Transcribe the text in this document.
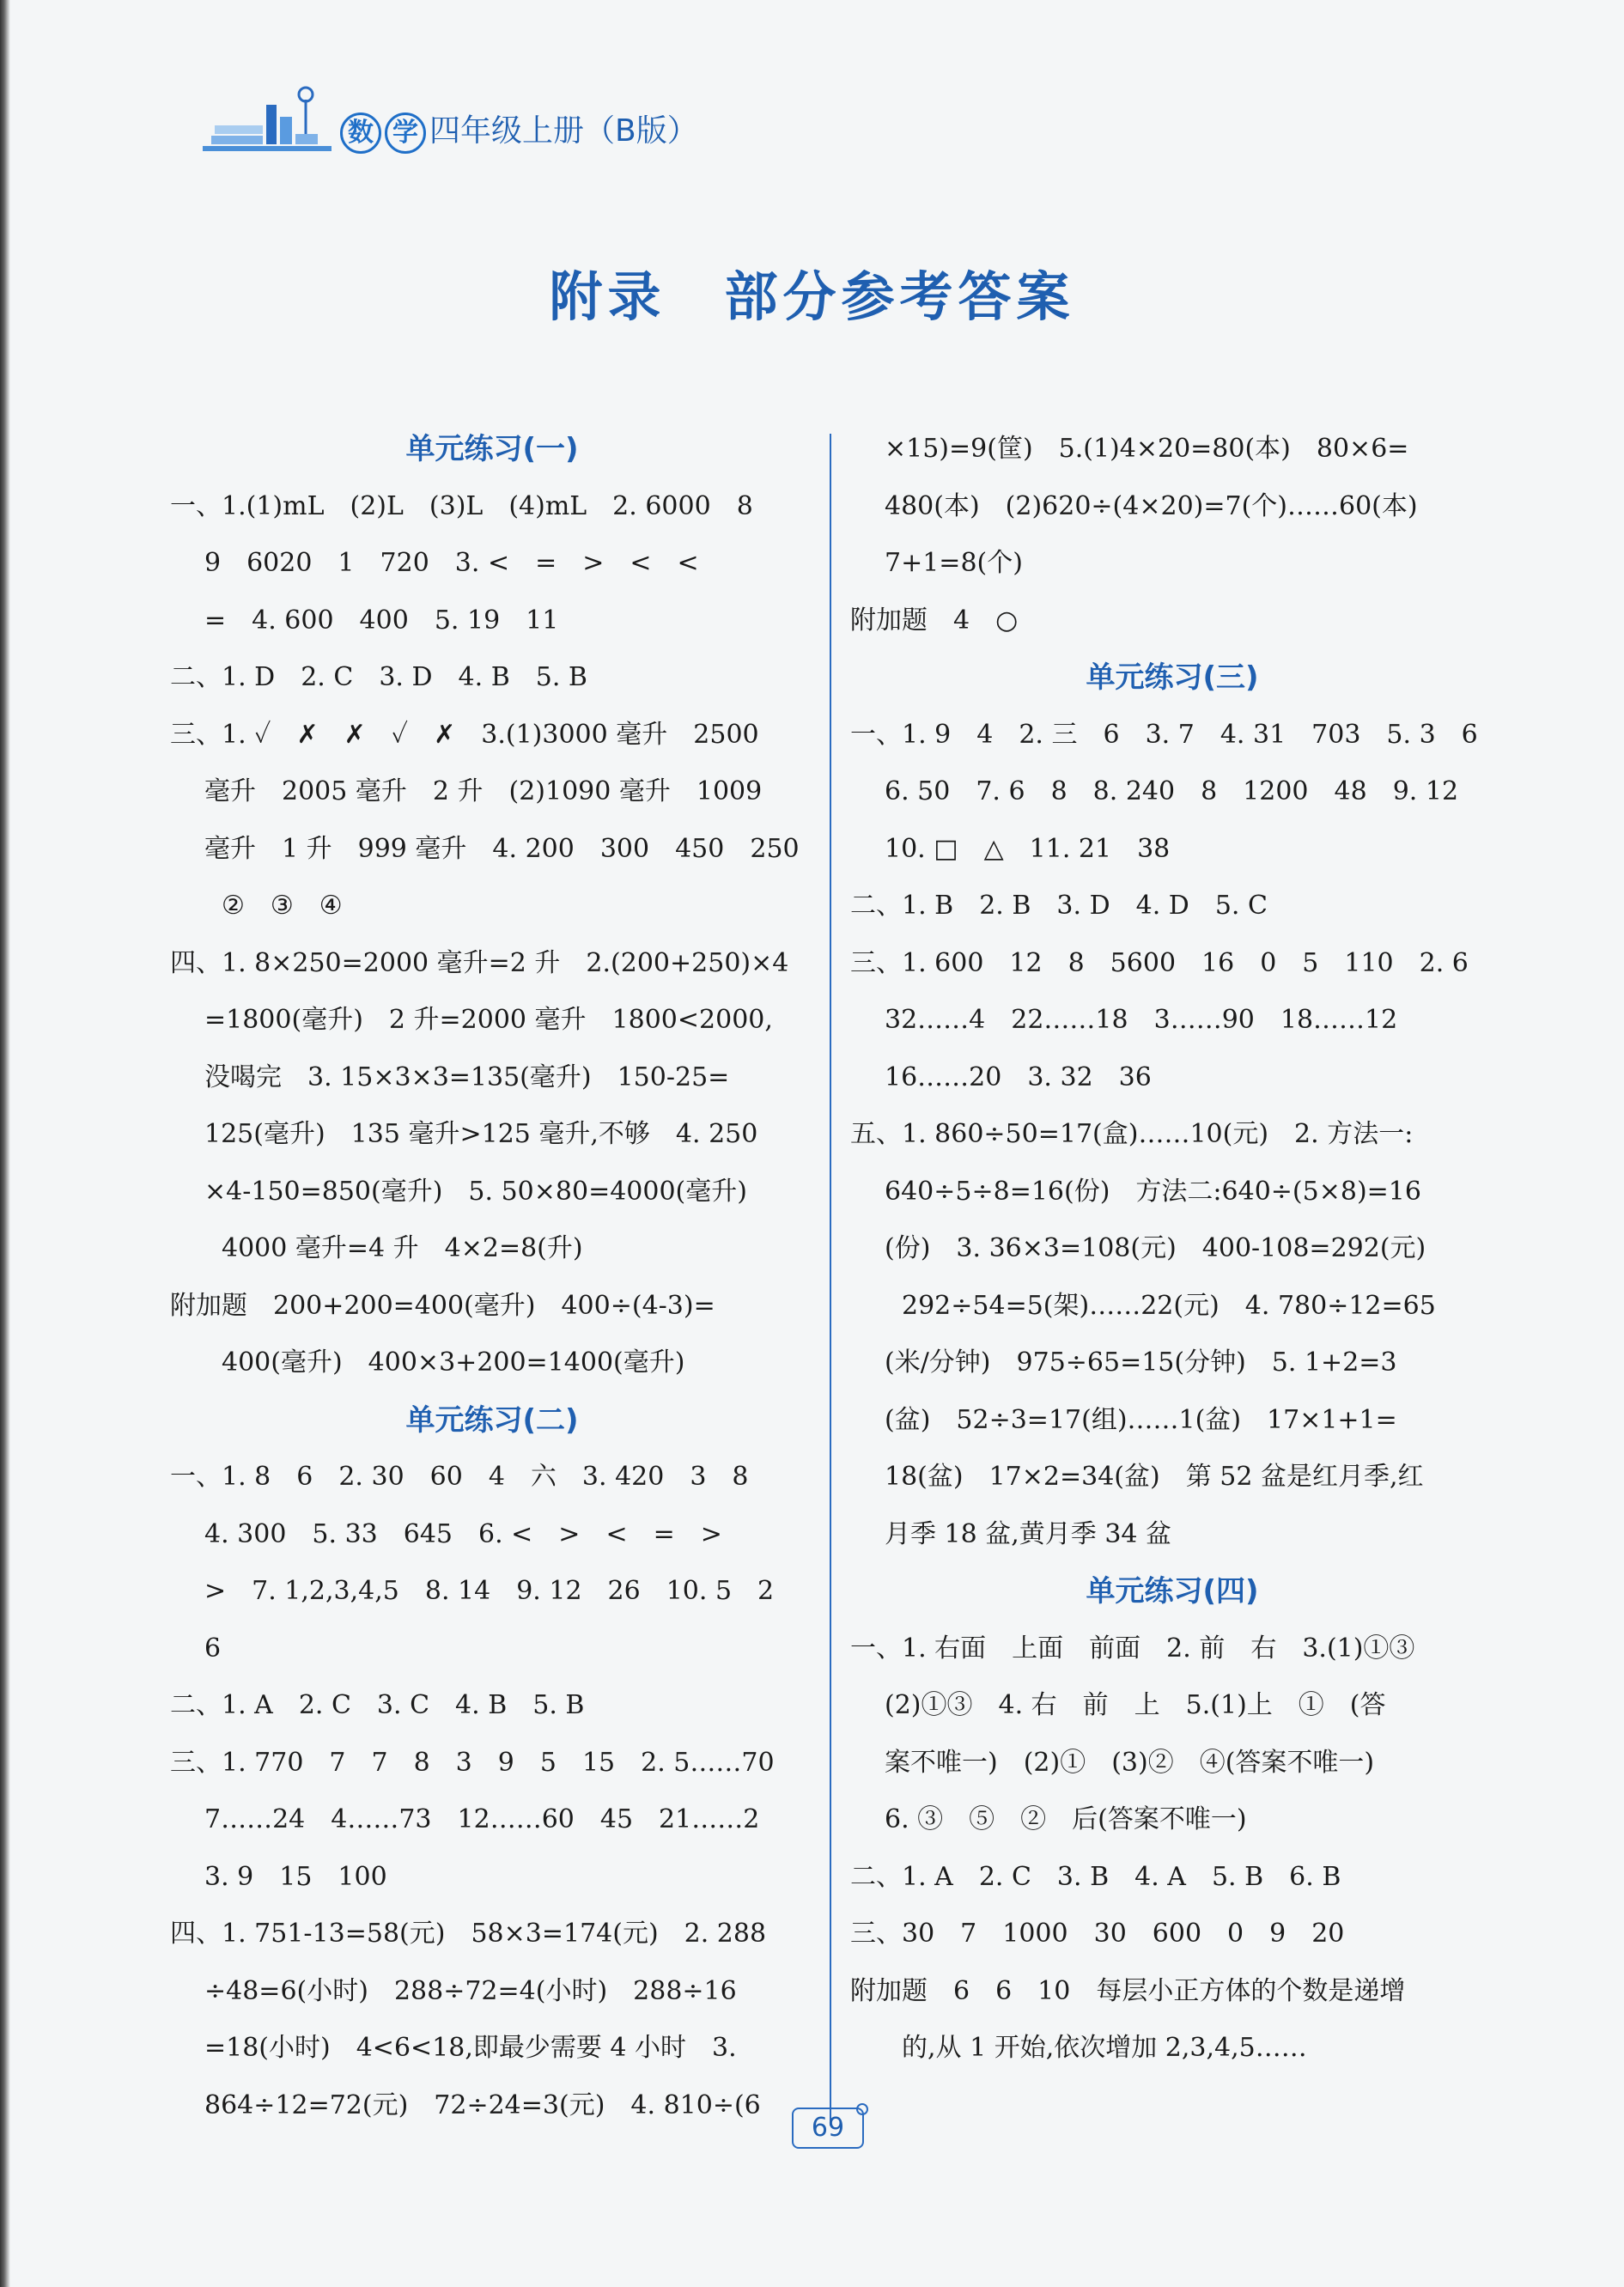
数 学 四年级上册（B版）
附录　部分参考答案
单元练习(一)
一、1.(1)mL　(2)L　(3)L　(4)mL　2. 6000　8
9　6020　1　720　3. <　=　>　<　<
=　4. 600　400　5. 19　11
二、1. D　2. C　3. D　4. B　5. B
三、1. ✓　✗　✗　✓　✗　3.(1)3000 毫升　2500
毫升　2005 毫升　2 升　(2)1090 毫升　1009
毫升　1 升　999 毫升　4. 200　300　450　250
②　③　④
四、1. 8×250=2000 毫升=2 升　2.(200+250)×4
=1800(毫升)　2 升=2000 毫升　1800<2000,
没喝完　3. 15×3×3=135(毫升)　150-25=
125(毫升)　135 毫升>125 毫升,不够　4. 250
×4-150=850(毫升)　5. 50×80=4000(毫升)
4000 毫升=4 升　4×2=8(升)
附加题　200+200=400(毫升)　400÷(4-3)=
400(毫升)　400×3+200=1400(毫升)
单元练习(二)
一、1. 8　6　2. 30　60　4　六　3. 420　3　8
4. 300　5. 33　645　6. <　>　<　=　>
>　7. 1,2,3,4,5　8. 14　9. 12　26　10. 5　2
6
二、1. A　2. C　3. C　4. B　5. B
三、1. 770　7　7　8　3　9　5　15　2. 5……70
7……24　4……73　12……60　45　21……2
3. 9　15　100
四、1. 751-13=58(元)　58×3=174(元)　2. 288
÷48=6(小时)　288÷72=4(小时)　288÷16
=18(小时)　4<6<18,即最少需要 4 小时　3.
864÷12=72(元)　72÷24=3(元)　4. 810÷(6
×15)=9(筐)　5.(1)4×20=80(本)　80×6=
480(本)　(2)620÷(4×20)=7(个)……60(本)
7+1=8(个)
附加题　4　○
单元练习(三)
一、1. 9　4　2. 三　6　3. 7　4. 31　703　5. 3　6
6. 50　7. 6　8　8. 240　8　1200　48　9. 12
10. □　△　11. 21　38
二、1. B　2. B　3. D　4. D　5. C
三、1. 600　12　8　5600　16　0　5　110　2. 6
32……4　22……18　3……90　18……12
16……20　3. 32　36
五、1. 860÷50=17(盒)……10(元)　2. 方法一:
640÷5÷8=16(份)　方法二:640÷(5×8)=16
(份)　3. 36×3=108(元)　400-108=292(元)
292÷54=5(架)……22(元)　4. 780÷12=65
(米/分钟)　975÷65=15(分钟)　5. 1+2=3
(盆)　52÷3=17(组)……1(盆)　17×1+1=
18(盆)　17×2=34(盆)　第 52 盆是红月季,红
月季 18 盆,黄月季 34 盆
单元练习(四)
一、1. 右面　上面　前面　2. 前　右　3.(1)①③
(2)①③　4. 右　前　上　5.(1)上　①　(答
案不唯一)　(2)①　(3)②　④(答案不唯一)
6. ③　⑤　②　后(答案不唯一)
二、1. A　2. C　3. B　4. A　5. B　6. B
三、30　7　1000　30　600　0　9　20
附加题　6　6　10　每层小正方体的个数是递增
的,从 1 开始,依次增加 2,3,4,5……
69
